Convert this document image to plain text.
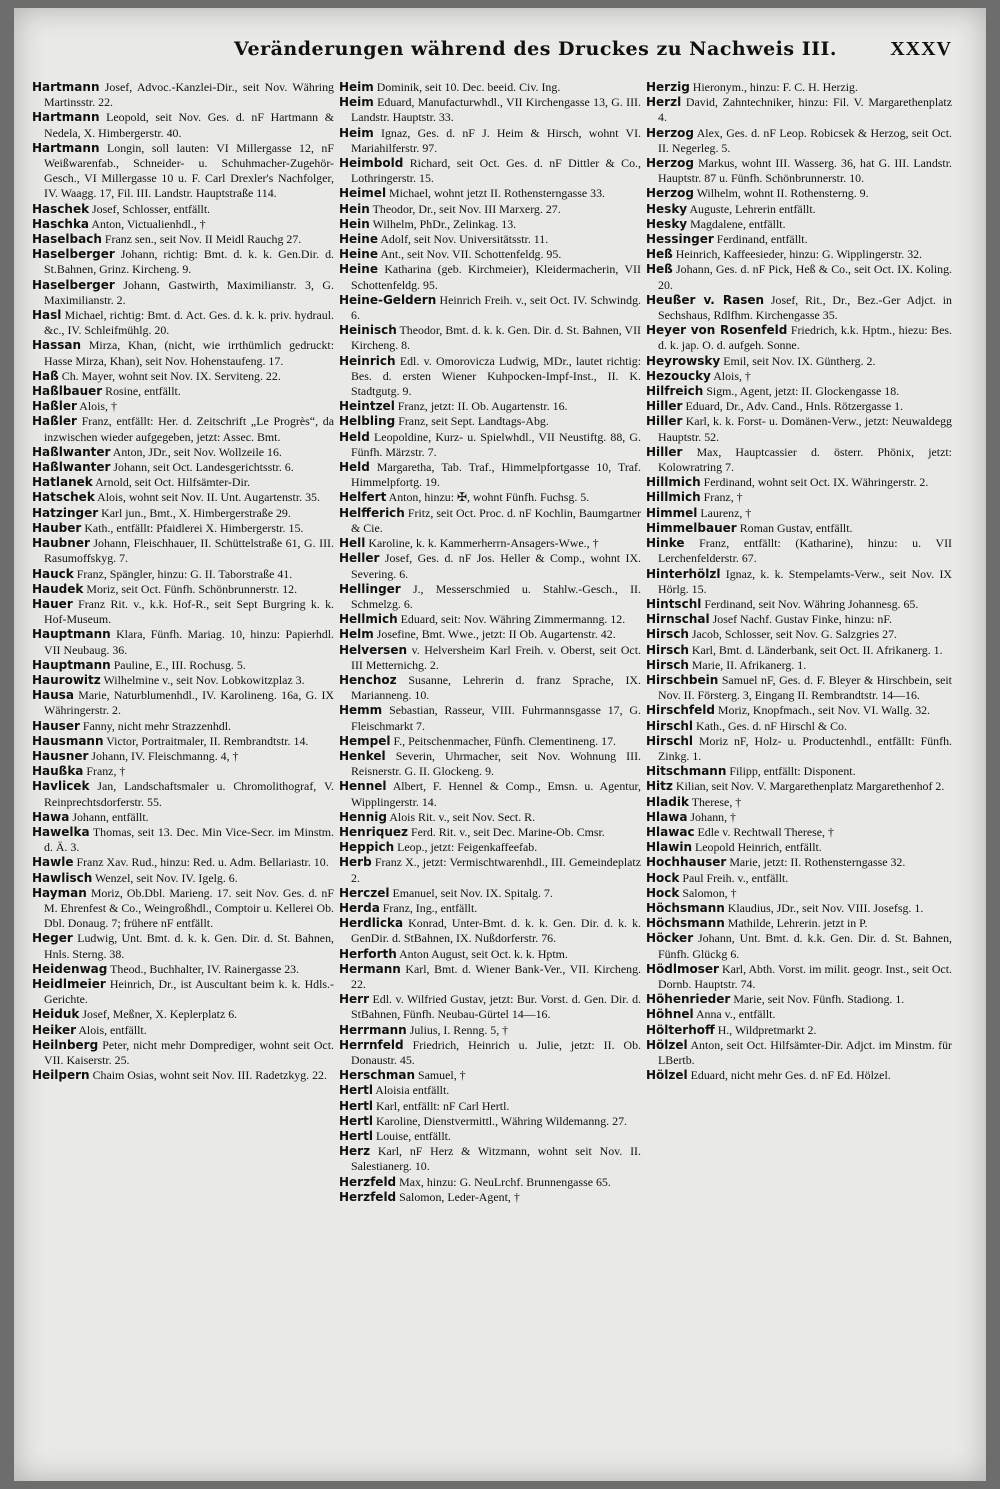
Veränderungen während des Druckes zu Nachweis III.	XXXV

Hartmann Josef, Advoc.-Kanzlei-Dir., seit Nov. Währing Martinsstr. 22.

Hartmann Leopold, seit Nov. Ges. d. nF Hartmann & Nedela, X. Himbergerstr. 40.

Hartmann Longin, soll lauten: VI Millergasse 12, nF Weißwarenfab., Schneider- u. Schuhmacher-Zugehör-Gesch., VI Millergasse 10 u. F. Carl Drexler's Nachfolger, IV. Waagg. 17, Fil. III. Landstr. Hauptstraße 114.

Haschek Josef, Schlosser, entfällt.

Haschka Anton, Victualienhdl., †

Haselbach Franz sen., seit Nov. II Meidl Rauchg 27.

Haselberger Johann, richtig: Bmt. d. k. k. Gen.Dir. d. St.Bahnen, Grinz. Kircheng. 9.

Haselberger Johann, Gastwirth, Maximilianstr. 3, G. Maximilianstr. 2.

Hasl Michael, richtig: Bmt. d. Act. Ges. d. k. k. priv. hydraul. &c., IV. Schleifmühlg. 20.

Hassan Mirza, Khan, (nicht, wie irrthümlich gedruckt: Hasse Mirza, Khan), seit Nov. Hohenstaufeng. 17.

Haß Ch. Mayer, wohnt seit Nov. IX. Serviteng. 22.

Haßlbauer Rosine, entfällt.

Haßler Alois, †

Haßler Franz, entfällt: Her. d. Zeitschrift „Le Progrès“, da inzwischen wieder aufgegeben, jetzt: Assec. Bmt.

Haßlwanter Anton, JDr., seit Nov. Wollzeile 16.

Haßlwanter Johann, seit Oct. Landesgerichtsstr. 6.

Hatlanek Arnold, seit Oct. Hilfsämter-Dir.

Hatschek Alois, wohnt seit Nov. II. Unt. Augartenstr. 35.

Hatzinger Karl jun., Bmt., X. Himbergerstraße 29.

Hauber Kath., entfällt: Pfaidlerei X. Himbergerstr. 15.

Haubner Johann, Fleischhauer, II. Schüttelstraße 61, G. III. Rasumoffskyg. 7.

Hauck Franz, Spängler, hinzu: G. II. Taborstraße 41.

Haudek Moriz, seit Oct. Fünfh. Schönbrunnerstr. 12.

Hauer Franz Rit. v., k.k. Hof-R., seit Sept Burgring k. k. Hof-Museum.

Hauptmann Klara, Fünfh. Mariag. 10, hinzu: Papierhdl. VII Neubaug. 36.

Hauptmann Pauline, E., III. Rochusg. 5.

Haurowitz Wilhelmine v., seit Nov. Lobkowitzplaz 3.

Hausa Marie, Naturblumenhdl., IV. Karolineng. 16a, G. IX Währingerstr. 2.

Hauser Fanny, nicht mehr Strazzenhdl.

Hausmann Victor, Portraitmaler, II. Rembrandtstr. 14.

Hausner Johann, IV. Fleischmanng. 4, †

Haußka Franz, †

Havlicek Jan, Landschaftsmaler u. Chromolithograf, V. Reinprechtsdorferstr. 55.

Hawa Johann, entfällt.

Hawelka Thomas, seit 13. Dec. Min Vice-Secr. im Minstm. d. Ä. 3.

Hawle Franz Xav. Rud., hinzu: Red. u. Adm. Bellariastr. 10.

Hawlisch Wenzel, seit Nov. IV. Igelg. 6.

Hayman Moriz, Ob.Dbl. Marieng. 17. seit Nov. Ges. d. nF M. Ehrenfest & Co., Weingroßhdl., Comptoir u. Kellerei Ob. Dbl. Donaug. 7; frühere nF entfällt.

Heger Ludwig, Unt. Bmt. d. k. k. Gen. Dir. d. St. Bahnen, Hnls. Sterng. 38.

Heidenwag Theod., Buchhalter, IV. Rainergasse 23.

Heidlmeier Heinrich, Dr., ist Auscultant beim k. k. Hdls.-Gerichte.

Heiduk Josef, Meßner, X. Keplerplatz 6.

Heiker Alois, entfällt.

Heilnberg Peter, nicht mehr Domprediger, wohnt seit Oct. VII. Kaiserstr. 25.

Heilpern Chaim Osias, wohnt seit Nov. III. Radetzkyg. 22.

Heim Dominik, seit 10. Dec. beeid. Civ. Ing.

Heim Eduard, Manufacturwhdl., VII Kirchengasse 13, G. III. Landstr. Hauptstr. 33.

Heim Ignaz, Ges. d. nF J. Heim & Hirsch, wohnt VI. Mariahilferstr. 97.

Heimbold Richard, seit Oct. Ges. d. nF Dittler & Co., Lothringerstr. 15.

Heimel Michael, wohnt jetzt II. Rothensterngasse 33.

Hein Theodor, Dr., seit Nov. III Marxerg. 27.

Hein Wilhelm, PhDr., Zelinkag. 13.

Heine Adolf, seit Nov. Universitätsstr. 11.

Heine Ant., seit Nov. VII. Schottenfeldg. 95.

Heine Katharina (geb. Kirchmeier), Kleidermacherin, VII Schottenfeldg. 95.

Heine-Geldern Heinrich Freih. v., seit Oct. IV. Schwindg. 6.

Heinisch Theodor, Bmt. d. k. k. Gen. Dir. d. St. Bahnen, VII Kircheng. 8.

Heinrich Edl. v. Omorovicza Ludwig, MDr., lautet richtig: Bes. d. ersten Wiener Kuhpocken-Impf-Inst., II. K. Stadtgutg. 9.

Heintzel Franz, jetzt: II. Ob. Augartenstr. 16.

Helbling Franz, seit Sept. Landtags-Abg.

Held Leopoldine, Kurz- u. Spielwhdl., VII Neustiftg. 88, G. Fünfh. Märzstr. 7.

Held Margaretha, Tab. Traf., Himmelpfortgasse 10, Traf. Himmelpfortg. 19.

Helfert Anton, hinzu: ✠, wohnt Fünfh. Fuchsg. 5.

Helfferich Fritz, seit Oct. Proc. d. nF Kochlin, Baumgartner & Cie.

Hell Karoline, k. k. Kammerherrn-Ansagers-Wwe., †

Heller Josef, Ges. d. nF Jos. Heller & Comp., wohnt IX. Severing. 6.

Hellinger J., Messerschmied u. Stahlw.-Gesch., II. Schmelzg. 6.

Hellmich Eduard, seit: Nov. Währing Zimmermanng. 12.

Helm Josefine, Bmt. Wwe., jetzt: II Ob. Augartenstr. 42.

Helversen v. Helversheim Karl Freih. v. Oberst, seit Oct. III Metternichg. 2.

Henchoz Susanne, Lehrerin d. franz Sprache, IX. Marianneng. 10.

Hemm Sebastian, Rasseur, VIII. Fuhrmannsgasse 17, G. Fleischmarkt 7.

Hempel F., Peitschenmacher, Fünfh. Clementineng. 17.

Henkel Severin, Uhrmacher, seit Nov. Wohnung III. Reisnerstr. G. II. Glockeng. 9.

Hennel Albert, F. Hennel & Comp., Emsn. u. Agentur, Wipplingerstr. 14.

Hennig Alois Rit. v., seit Nov. Sect. R.

Henriquez Ferd. Rit. v., seit Dec. Marine-Ob. Cmsr.

Heppich Leop., jetzt: Feigenkaffeefab.

Herb Franz X., jetzt: Vermischtwarenhdl., III. Gemeindeplatz 2.

Herczel Emanuel, seit Nov. IX. Spitalg. 7.

Herda Franz, Ing., entfällt.

Herdlicka Konrad, Unter-Bmt. d. k. k. Gen. Dir. d. k. k. GenDir. d. StBahnen, IX. Nußdorferstr. 76.

Herforth Anton August, seit Oct. k. k. Hptm.

Hermann Karl, Bmt. d. Wiener Bank-Ver., VII. Kircheng. 22.

Herr Edl. v. Wilfried Gustav, jetzt: Bur. Vorst. d. Gen. Dir. d. StBahnen, Fünfh. Neubau-Gürtel 14—16.

Herrmann Julius, I. Renng. 5, †

Herrnfeld Friedrich, Heinrich u. Julie, jetzt: II. Ob. Donaustr. 45.

Herschman Samuel, †

Hertl Aloisia entfällt.

Hertl Karl, entfällt: nF Carl Hertl.

Hertl Karoline, Dienstvermittl., Währing Wildemanng. 27.

Hertl Louise, entfällt.

Herz Karl, nF Herz & Witzmann, wohnt seit Nov. II. Salestianerg. 10.

Herzfeld Max, hinzu: G. NeuLrchf. Brunnengasse 65.

Herzfeld Salomon, Leder-Agent, †

Herzig Hieronym., hinzu: F. C. H. Herzig.

Herzl David, Zahntechniker, hinzu: Fil. V. Margarethenplatz 4.

Herzog Alex, Ges. d. nF Leop. Robicsek & Herzog, seit Oct. II. Negerleg. 5.

Herzog Markus, wohnt III. Wasserg. 36, hat G. III. Landstr. Hauptstr. 87 u. Fünfh. Schönbrunnerstr. 10.

Herzog Wilhelm, wohnt II. Rothensterng. 9.

Hesky Auguste, Lehrerin entfällt.

Hesky Magdalene, entfällt.

Hessinger Ferdinand, entfällt.

Heß Heinrich, Kaffeesieder, hinzu: G. Wipplingerstr. 32.

Heß Johann, Ges. d. nF Pick, Heß & Co., seit Oct. IX. Koling. 20.

Heußer v. Rasen Josef, Rit., Dr., Bez.-Ger Adjct. in Sechshaus, Rdlfhm. Kirchengasse 35.

Heyer von Rosenfeld Friedrich, k.k. Hptm., hiezu: Bes. d. k. jap. O. d. aufgeh. Sonne.

Heyrowsky Emil, seit Nov. IX. Güntherg. 2.

Hezoucky Alois, †

Hilfreich Sigm., Agent, jetzt: II. Glockengasse 18.

Hiller Eduard, Dr., Adv. Cand., Hnls. Rötzergasse 1.

Hiller Karl, k. k. Forst- u. Domänen-Verw., jetzt: Neuwaldegg Hauptstr. 52.

Hiller Max, Hauptcassier d. österr. Phönix, jetzt: Kolowratring 7.

Hillmich Ferdinand, wohnt seit Oct. IX. Währingerstr. 2.

Hillmich Franz, †

Himmel Laurenz, †

Himmelbauer Roman Gustav, entfällt.

Hinke Franz, entfällt: (Katharine), hinzu: u. VII Lerchenfelderstr. 67.

Hinterhölzl Ignaz, k. k. Stempelamts-Verw., seit Nov. IX Hörlg. 15.

Hintschl Ferdinand, seit Nov. Währing Johannesg. 65.

Hirnschal Josef Nachf. Gustav Finke, hinzu: nF.

Hirsch Jacob, Schlosser, seit Nov. G. Salzgries 27.

Hirsch Karl, Bmt. d. Länderbank, seit Oct. II. Afrikanerg. 1.

Hirsch Marie, II. Afrikanerg. 1.

Hirschbein Samuel nF, Ges. d. F. Bleyer & Hirschbein, seit Nov. II. Försterg. 3, Eingang II. Rembrandtstr. 14—16.

Hirschfeld Moriz, Knopfmach., seit Nov. VI. Wallg. 32.

Hirschl Kath., Ges. d. nF Hirschl & Co.

Hirschl Moriz nF, Holz- u. Productenhdl., entfällt: Fünfh. Zinkg. 1.

Hitschmann Filipp, entfällt: Disponent.

Hitz Kilian, seit Nov. V. Margarethenplatz Margarethenhof 2.

Hladik Therese, †

Hlawa Johann, †

Hlawac Edle v. Rechtwall Therese, †

Hlawin Leopold Heinrich, entfällt.

Hochhauser Marie, jetzt: II. Rothensterngasse 32.

Hock Paul Freih. v., entfällt.

Hock Salomon, †

Höchsmann Klaudius, JDr., seit Nov. VIII. Josefsg. 1.

Höchsmann Mathilde, Lehrerin. jetzt in P.

Höcker Johann, Unt. Bmt. d. k.k. Gen. Dir. d. St. Bahnen, Fünfh. Glückg 6.

Hödlmoser Karl, Abth. Vorst. im milit. geogr. Inst., seit Oct. Dornb. Hauptstr. 74.

Höhenrieder Marie, seit Nov. Fünfh. Stadiong. 1.

Höhnel Anna v., entfällt.

Hölterhoff H., Wildpretmarkt 2.

Hölzel Anton, seit Oct. Hilfsämter-Dir. Adjct. im Minstm. für LBertb.

Hölzel Eduard, nicht mehr Ges. d. nF Ed. Hölzel.
